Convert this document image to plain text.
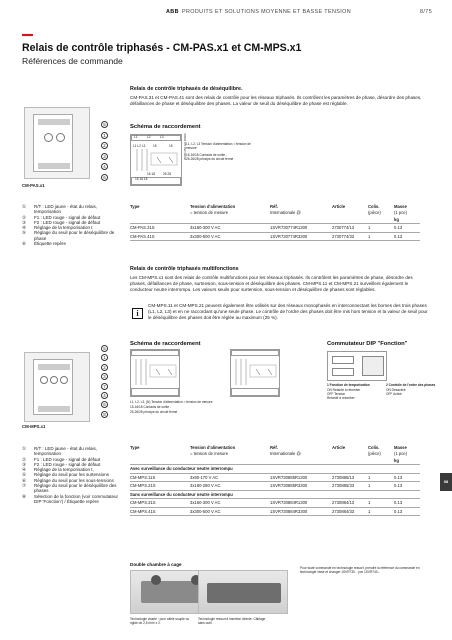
ABB PRODUITS ET SOLUTIONS MOYENNE ET BASSE TENSION	8/75
Relais de contrôle triphasés - CM-PAS.x1 et CM-MPS.x1
Références de commande
08
5
1
2
3
4
6
CM-PAS.x1
Relais de contrôle triphasés de déséquilibre.
CM-PAS.31 et CM-PAS.41 sont des relais de contrôle pour les réseaux triphasés. Ils contrôlent les paramètres de phase, désordre des phases, défaillances de phase et déséquilibre des phases. La valeur de seuil du déséquilibre de phase est réglable.
Schéma de raccordement
L1	L2	L3
L1 L2 L3 15	15
16 18	26 28
15 16 18
2CDC 252 xxx F0b06 L1, L2, L3 Tension d'alimentation = tension de mesure
15-16/18 Contacts de sortie -
25-26/28 principe du circuit fermé
①	R/T : LED jaune - état du relais, temporisation
②	F1 : LED rouge - signal de défaut
③	F2 : LED rouge - signal de défaut
④	Réglage de la temporisation t
⑤	Réglage du seuil pour le déséquilibre de phase
⑥	Étiquette repère
Type	Tension d'alimentation	Réf.	Article	Colis.	Masse
	= tension de mesure	Internationale @		(pièce)	(1 pce)
					kg
CM-PAS.31S	3x160-300 V AC	1SVR730774R1300	2730774/13	1	0.13
CM-PAS.41S	3x300-500 V AC	1SVR730774R3300	2730774/33	1	0.13
Relais de contrôle triphasés multifonctions
Les CM-MPS.x1 sont des relais de contrôle multifonctions pour les réseaux triphasés. Ils contrôlent les paramètres de phase, désordre des phases, défaillances de phase, surtension, sous-tension et déséquilibre des phases. CM-MPS.11 et CM-MPS.21 surveillent également le conducteur neutre interrompu. Les valeurs seuils pour surtension, sous-tension et déséquilibre de phases sont réglables.
i
CM-MPS.11 et CM-MPS.21 peuvent également être utilisés sur des réseaux monophasés en interconnectant les bornes des trois phases (L1, L2, L3) et en ne raccordant qu'une seule phase. Le contrôle de l'ordre des phases doit être mis hors tension et la valeur de seuil pour le déséquilibre des phases doit être réglée au maximum (25 %).
Schéma de raccordement	Commutateur DIP "Fonction"
5
1
2
3
7
4
6
8
CM-MPS.x1
L1, L2, L3, (N) Tension d'alimentation = tension de mesure
15-16/18 Contacts de sortie -
25-26/28 principe du circuit fermé
1 Fonction de temporisation
ON Retardé à retomber
OFF Tension
Retardé à retomber
2 Contrôle de l'ordre des phases
ON Désactivé
OFF Activé
①	R/T : LED jaune - état du relais, temporisation
②	F1 : LED rouge - signal de défaut
③	F2 : LED rouge - signal de défaut
④	Réglage de la temporisation t,
⑤	Réglage du seuil pour les surtensions
⑥	Réglage du seuil pour les sous-tensions
⑦	Réglage du seuil pour le déséquilibre des phases
⑧	Sélection de la fonction (voir commutateur DIP 'Fonction') / Étiquette repère
Type	Tension d'alimentation	Réf.	Article	Colis.	Masse
	= tension de mesure	Internationale @		(pièce)	(1 pce)
					kg
Avec surveillance du conducteur neutre interrompu					
CM-MPS.11S	3x90-170 V AC	1SVR730885R1300	2730885/13	1	0.13
CM-MPS.21S	3x180-280 V AC	1SVR730885R3300	2730885/33	1	0.13
Sans surveillance du conducteur neutre interrompu					
CM-MPS.31S	3x160-300 V AC	1SVR730884R1300	2730884/13	1	0.13
CM-MPS.41S	3x300-500 V AC	1SVR730884R3300	2730884/33	1	0.13
Double chambre à cage
Technologie vissée : pour câble souple ou rigide de 2,5 mm² x 2.
Technologie ressort à insertion directe. Câblage sans outil.
Pour toute commande en technologie ressort, prendre la référence du commande en technologie vissé et changer 1SVR730... par 1SVR740...
